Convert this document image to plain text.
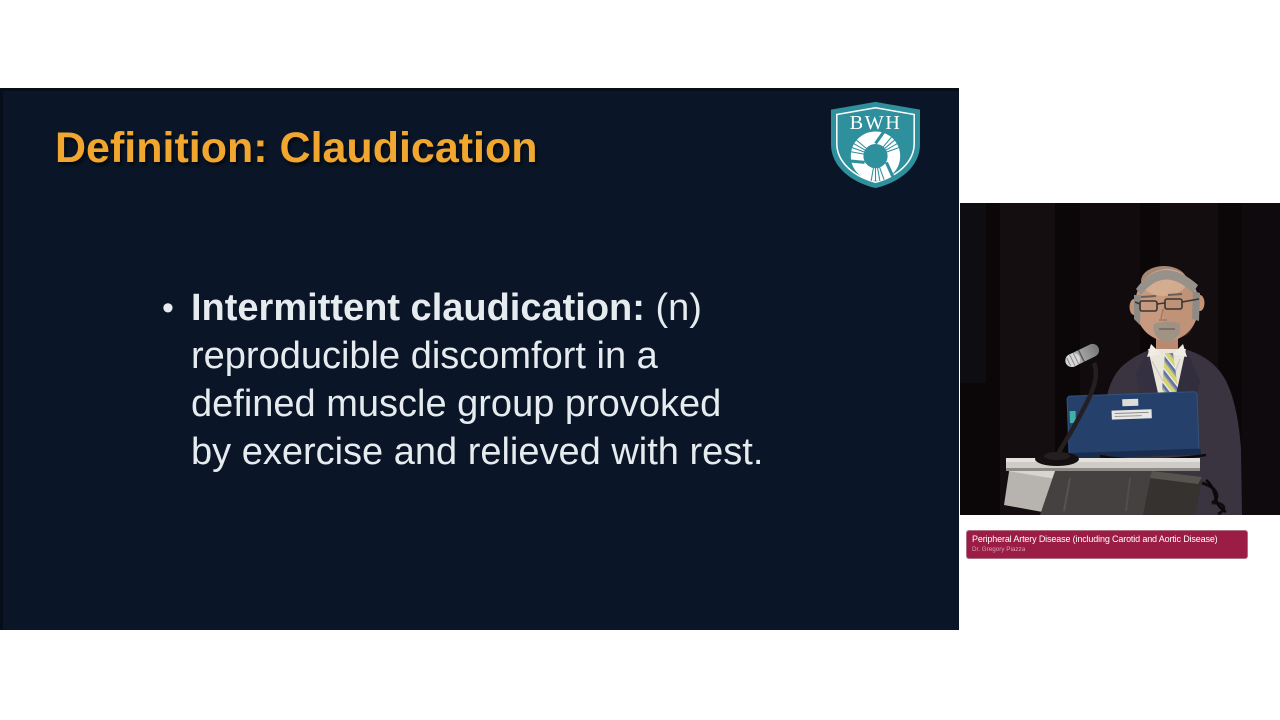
Definition: Claudication
BWH
• Intermittent claudication: (n)
reproducible discomfort in a
defined muscle group provoked
by exercise and relieved with rest.
Peripheral Artery Disease (including Carotid and Aortic Disease)
Dr. Gregory Piazza
